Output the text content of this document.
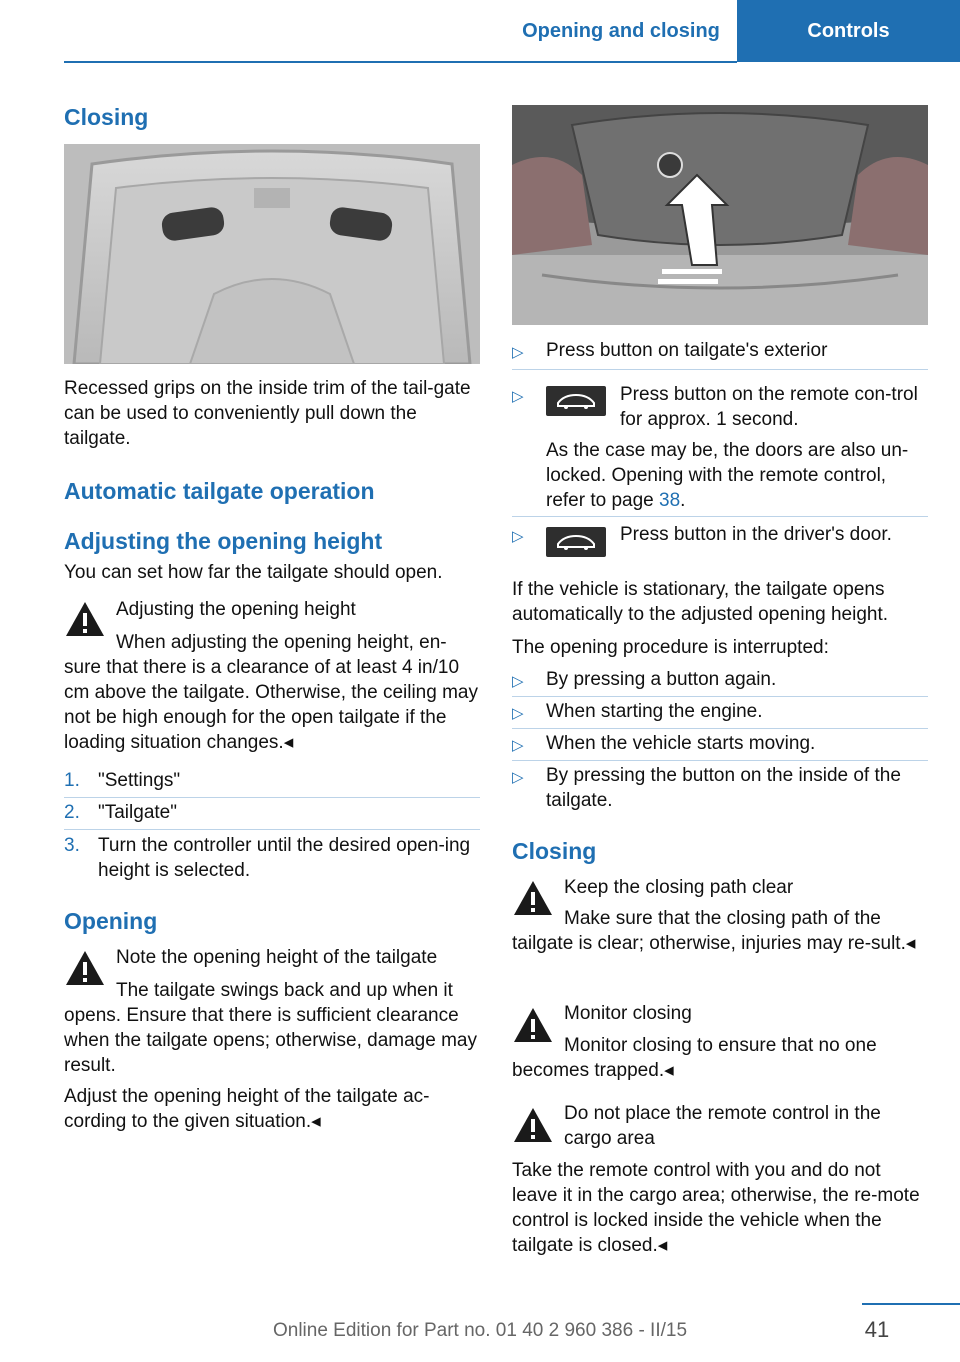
Opening and closing	Controls
Closing

Recessed grips on the inside trim of the tail-gate can be used to conveniently pull down the tailgate.

Automatic tailgate operation
Adjusting the opening height

You can set how far the tailgate should open.

Adjusting the opening height

When adjusting the opening height, en-sure that there is a clearance of at least 4 in/10 cm above the tailgate. Otherwise, the ceiling may not be high enough for the open tailgate if the loading situation changes.◂

1. "Settings"

2. "Tailgate"

3. Turn the controller until the desired open-ing height is selected.

Opening

Note the opening height of the tailgate

The tailgate swings back and up when it opens. Ensure that there is sufficient clearance when the tailgate opens; otherwise, damage may result.

Adjust the opening height of the tailgate ac-cording to the given situation.◂

▷ Press button on tailgate's exterior

▷	Press button on the remote con-trol for approx. 1 second.

As the case may be, the doors are also un-locked. Opening with the remote control, refer to page 38.

▷	Press button in the driver's door.

If the vehicle is stationary, the tailgate opens automatically to the adjusted opening height.

The opening procedure is interrupted:

▷ By pressing a button again.

▷ When starting the engine.

▷ When the vehicle starts moving.

▷ By pressing the button on the inside of the tailgate.

Closing

Keep the closing path clear

Make sure that the closing path of the tailgate is clear; otherwise, injuries may re-sult.◂

Monitor closing

Monitor closing to ensure that no one becomes trapped.◂

Do not place the remote control in the cargo area

Take the remote control with you and do not leave it in the cargo area; otherwise, the re-mote control is locked inside the vehicle when the tailgate is closed.◂

41
Online Edition for Part no. 01 40 2 960 386 - II/15
